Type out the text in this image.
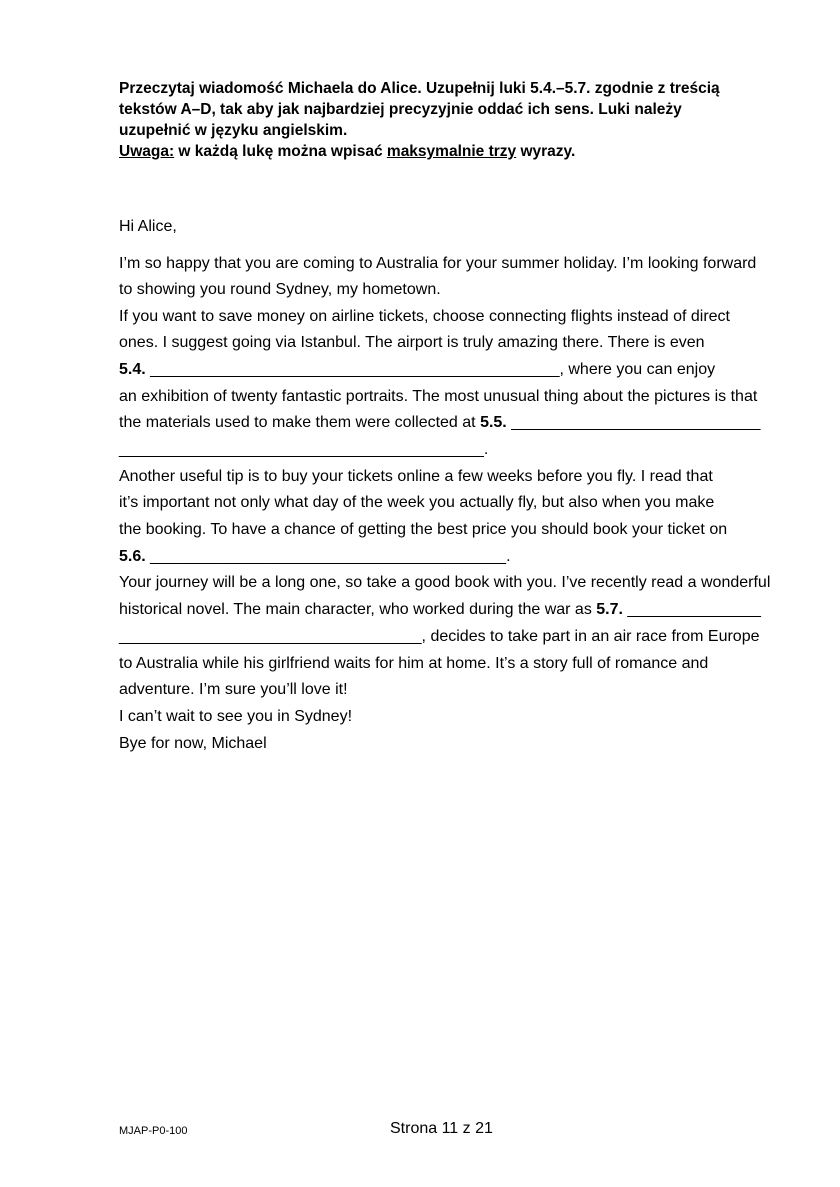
Przeczytaj wiadomość Michaela do Alice. Uzupełnij luki 5.4.–5.7. zgodnie z treścią
tekstów A–D, tak aby jak najbardziej precyzyjnie oddać ich sens. Luki należy
uzupełnić w języku angielskim.
Uwaga: w każdą lukę można wpisać maksymalnie trzy wyrazy.
Hi Alice,
I’m so happy that you are coming to Australia for your summer holiday. I’m looking forward
to showing you round Sydney, my hometown.
If you want to save money on airline tickets, choose connecting flights instead of direct
ones. I suggest going via Istanbul. The airport is truly amazing there. There is even
5.4. ______________________________________________, where you can enjoy
an exhibition of twenty fantastic portraits. The most unusual thing about the pictures is that
the materials used to make them were collected at 5.5. ____________________________
_________________________________________.
Another useful tip is to buy your tickets online a few weeks before you fly. I read that
it’s important not only what day of the week you actually fly, but also when you make
the booking. To have a chance of getting the best price you should book your ticket on
5.6. ________________________________________.
Your journey will be a long one, so take a good book with you. I’ve recently read a wonderful
historical novel. The main character, who worked during the war as 5.7. _______________
__________________________________, decides to take part in an air race from Europe
to Australia while his girlfriend waits for him at home. It’s a story full of romance and
adventure. I’m sure you’ll love it!
I can’t wait to see you in Sydney!
Bye for now, Michael
MJAP-P0-100	Strona 11 z 21
